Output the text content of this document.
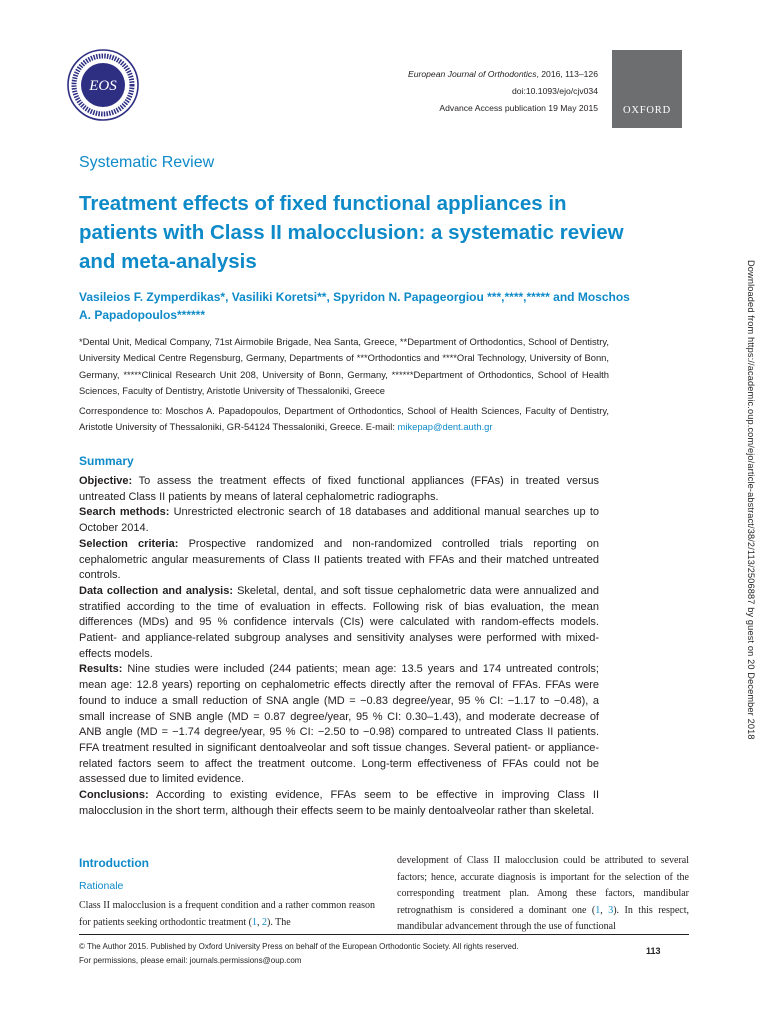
EOS
European Journal of Orthodontics, 2016, 113–126
doi:10.1093/ejo/cjv034
Advance Access publication 19 May 2015	OXFORD
Systematic Review
Treatment effects of fixed functional appliances in patients with Class II malocclusion: a systematic review and meta-analysis
Vasileios F. Zymperdikas*, Vasiliki Koretsi**, Spyridon N. Papageorgiou ***,****,***** and Moschos A. Papadopoulos******
*Dental Unit, Medical Company, 71st Airmobile Brigade, Nea Santa, Greece, **Department of Orthodontics, School of Dentistry, University Medical Centre Regensburg, Germany, Departments of ***Orthodontics and ****Oral Technology, University of Bonn, Germany, *****Clinical Research Unit 208, University of Bonn, Germany, ******Department of Orthodontics, School of Health Sciences, Faculty of Dentistry, Aristotle University of Thessaloniki, Greece
Correspondence to: Moschos A. Papadopoulos, Department of Orthodontics, School of Health Sciences, Faculty of Dentistry, Aristotle University of Thessaloniki, GR-54124 Thessaloniki, Greece. E-mail: mikepap@dent.auth.gr
Summary

Objective: To assess the treatment effects of fixed functional appliances (FFAs) in treated versus untreated Class II patients by means of lateral cephalometric radiographs.

Search methods: Unrestricted electronic search of 18 databases and additional manual searches up to October 2014.

Selection criteria: Prospective randomized and non-randomized controlled trials reporting on cephalometric angular measurements of Class II patients treated with FFAs and their matched untreated controls.

Data collection and analysis: Skeletal, dental, and soft tissue cephalometric data were annualized and stratified according to the time of evaluation in effects. Following risk of bias evaluation, the mean differences (MDs) and 95 % confidence intervals (CIs) were calculated with random-effects models. Patient- and appliance-related subgroup analyses and sensitivity analyses were performed with mixed-effects models.

Results: Nine studies were included (244 patients; mean age: 13.5 years and 174 untreated controls; mean age: 12.8 years) reporting on cephalometric effects directly after the removal of FFAs. FFAs were found to induce a small reduction of SNA angle (MD = −0.83 degree/year, 95 % CI: −1.17 to −0.48), a small increase of SNB angle (MD = 0.87 degree/year, 95 % CI: 0.30–1.43), and moderate decrease of ANB angle (MD = −1.74 degree/year, 95 % CI: −2.50 to −0.98) compared to untreated Class II patients. FFA treatment resulted in significant dentoalveolar and soft tissue changes. Several patient- or appliance-related factors seem to affect the treatment outcome. Long-term effectiveness of FFAs could not be assessed due to limited evidence.

Conclusions: According to existing evidence, FFAs seem to be effective in improving Class II malocclusion in the short term, although their effects seem to be mainly dentoalveolar rather than skeletal.

Introduction
Rationale
Class II malocclusion is a frequent condition and a rather common reason for patients seeking orthodontic treatment (1, 2). The
development of Class II malocclusion could be attributed to several factors; hence, accurate diagnosis is important for the selection of the corresponding treatment plan. Among these factors, mandibular retrognathism is considered a dominant one (1, 3). In this respect, mandibular advancement through the use of functional
© The Author 2015. Published by Oxford University Press on behalf of the European Orthodontic Society. All rights reserved.
For permissions, please email: journals.permissions@oup.com
113
Downloaded from https://academic.oup.com/ejo/article-abstract/38/2/113/2506887 by guest on 20 December 2018
